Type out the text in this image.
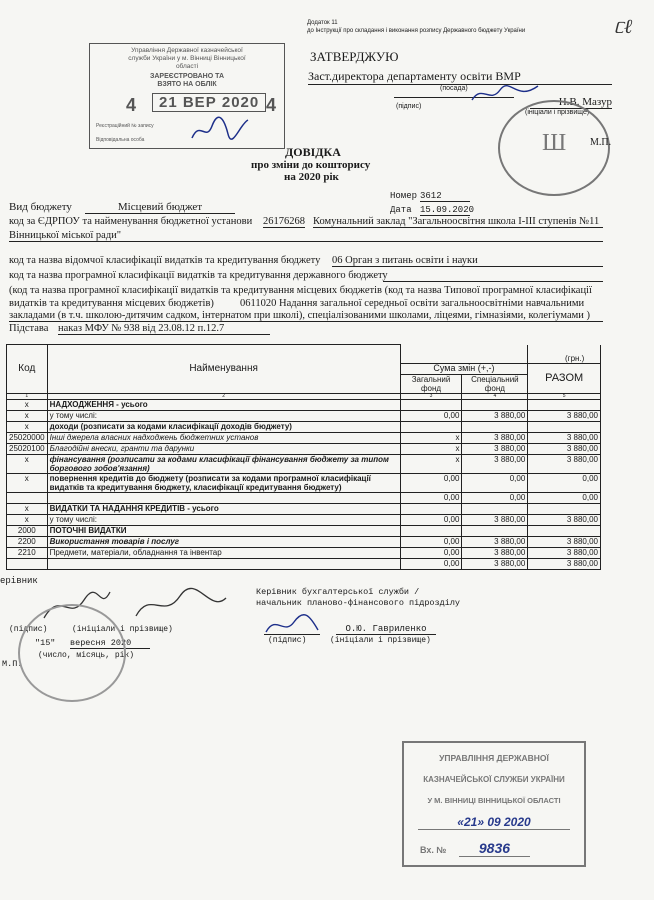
Додаток 11
до Інструкції про складання і виконання розпису Державного бюджету України	ᥴℓ
Управління Державної казначейської служби України у м. Вінниці Вінницької області
ЗАРЕЄСТРОВАНО ТА ВЗЯТО НА ОБЛІК
4	21 ВЕР 2020 4
Реєстраційний № запису
Відповідальна особа
ЗАТВЕРДЖУЮ
Заст.директора департаменту освіти ВМР
(посада)
(підпис)	Н.В. Мазур
(ініціали і прізвище)
Ш М.П.
ДОВІДКА
про зміни до кошторису
на 2020 рік
Номер 3612
Дата 15.09.2020
Вид бюджету	Місцевий бюджет
код за ЄДРПОУ та найменування бюджетної установи 26176268 Комунальний заклад "Загальноосвітня школа І-ІІІ ступенів №11
Вінницької міської ради"
код та назва відомчої класифікації видатків та кредитування бюджету 06 Орган з питань освіти і науки
код та назва програмної класифікації видатків та кредитування державного бюджету
(код та назва програмної класифікації видатків та кредитування місцевих бюджетів (код та назва Типової програмної класифікації
видатків та кредитування місцевих бюджетів) 0611020 Надання загальної середньої освіти загальноосвітніми навчальними
закладами (в т.ч. школою-дитячим садком, інтернатом при школі), спеціалізованими школами, ліцеями, гімназіями, колегіумами )
Підстава наказ МФУ № 938 від 23.08.12 п.12.7
(грн.)
Код	Найменування			
		Сума змін (+,-)		РАЗОМ
		Загальний фонд	Спеціальний фонд	
1	2	3	4	5
х	НАДХОДЖЕННЯ - усього			
х	у тому числі:	0,00	3 880,00	3 880,00
х	доходи (розписати за кодами класифікації доходів бюджету)			
25020000	Інші джерела власних надходжень бюджетних установ	х	3 880,00	3 880,00
25020100	Благодійні внески, гранти та дарунки	х	3 880,00	3 880,00
х	фінансування (розписати за кодами класифікації фінансування бюджету за типом боргового зобов'язання)	х	3 880,00	3 880,00
х	повернення кредитів до бюджету (розписати за кодами програмної класифікації видатків та кредитування бюджету, класифікації кредитування бюджету)	0,00	0,00	0,00
		0,00	0,00	0,00
х	ВИДАТКИ ТА НАДАННЯ КРЕДИТІВ - усього			
х	у тому числі:	0,00	3 880,00	3 880,00
2000	ПОТОЧНІ ВИДАТКИ			
2200	Використання товарів і послуг	0,00	3 880,00	3 880,00
2210	Предмети, матеріали, обладнання та інвентар	0,00	3 880,00	3 880,00
		0,00	3 880,00	3 880,00
ерівник
(підпис)	(ініціали і прізвище)
"15" вересня 2020
(число, місяць, рік)
М.П.
Керівник бухгалтерської служби /
начальник планово-фінансового підрозділу
(підпис)
О.Ю. Гавриленко
(ініціали і прізвище)
УПРАВЛІННЯ ДЕРЖАВНОЇ
КАЗНАЧЕЙСЬКОЇ СЛУЖБИ УКРАЇНИ
У М. ВІННИЦІ ВІННИЦЬКОЇ ОБЛАСТІ
«21» 09 2020
Вх. № 9836
